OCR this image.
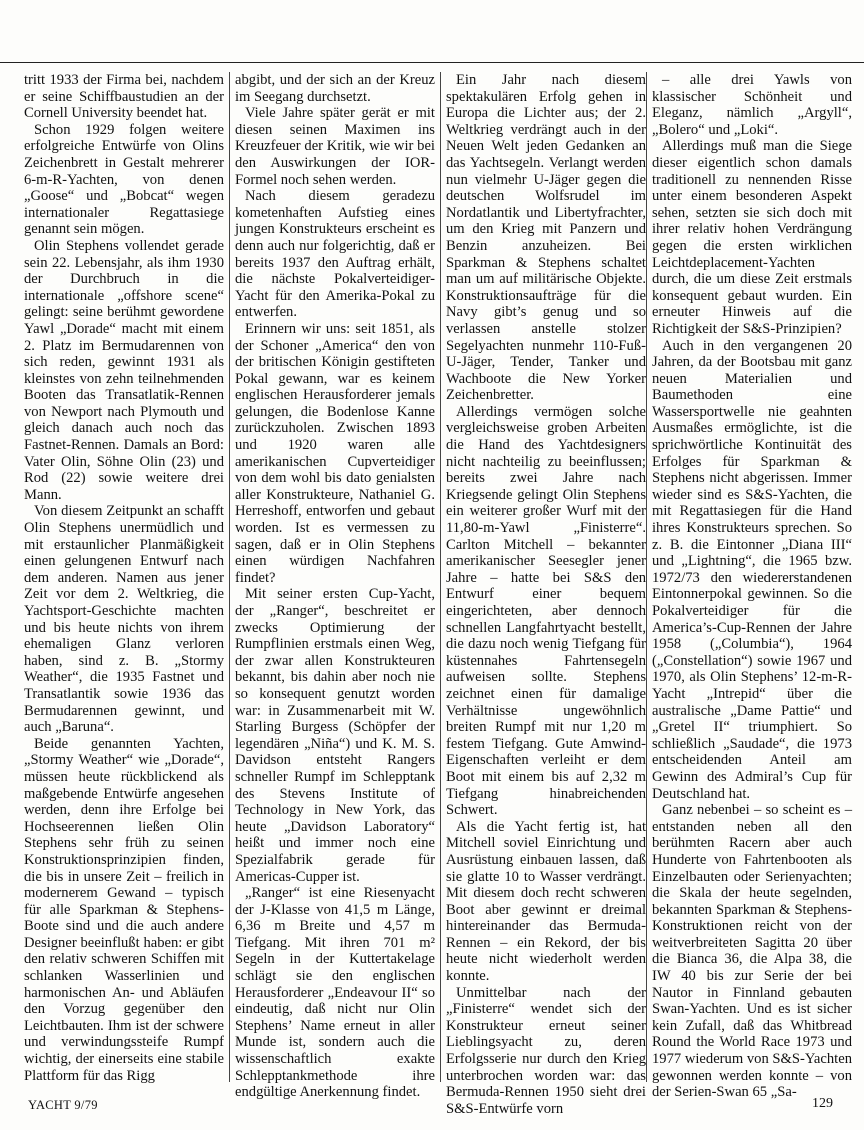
tritt 1933 der Firma bei, nachdem er seine Schiffbaustudien an der Cornell University beendet hat.

Schon 1929 folgen weitere erfolgreiche Entwürfe von Olins Zeichenbrett in Gestalt mehrerer 6-m-R-Yachten, von denen „Goose“ und „Bobcat“ wegen internationaler Regattasiege genannt sein mögen.

Olin Stephens vollendet gerade sein 22. Lebensjahr, als ihm 1930 der Durchbruch in die internationale „offshore scene“ gelingt: seine berühmt gewordene Yawl „Dorade“ macht mit einem 2. Platz im Bermudarennen von sich reden, gewinnt 1931 als kleinstes von zehn teilnehmenden Booten das Transatlatik-Rennen von Newport nach Plymouth und gleich danach auch noch das Fastnet-Rennen. Damals an Bord: Vater Olin, Söhne Olin (23) und Rod (22) sowie weitere drei Mann.

Von diesem Zeitpunkt an schafft Olin Stephens unermüdlich und mit erstaunlicher Planmäßigkeit einen gelungenen Entwurf nach dem anderen. Namen aus jener Zeit vor dem 2. Weltkrieg, die Yachtsport-Geschichte machten und bis heute nichts von ihrem ehemaligen Glanz verloren haben, sind z. B. „Stormy Weather“, die 1935 Fastnet und Transatlantik sowie 1936 das Bermudarennen gewinnt, und auch „Baruna“.

Beide genannten Yachten, „Stormy Weather“ wie „Dorade“, müssen heute rückblickend als maßgebende Entwürfe angesehen werden, denn ihre Erfolge bei Hochseerennen ließen Olin Stephens sehr früh zu seinen Konstruktionsprinzipien finden, die bis in unsere Zeit – freilich in modernerem Gewand – typisch für alle Sparkman & Stephens-Boote sind und die auch andere Designer beeinflußt haben: er gibt den relativ schweren Schiffen mit schlanken Wasserlinien und harmonischen An- und Abläufen den Vorzug gegenüber den Leichtbauten. Ihm ist der schwere und verwindungssteife Rumpf wichtig, der einerseits eine stabile Plattform für das Rigg

abgibt, und der sich an der Kreuz im Seegang durchsetzt.

Viele Jahre später gerät er mit diesen seinen Maximen ins Kreuzfeuer der Kritik, wie wir bei den Auswirkungen der IOR-Formel noch sehen werden.

Nach diesem geradezu kometenhaften Aufstieg eines jungen Konstrukteurs erscheint es denn auch nur folgerichtig, daß er bereits 1937 den Auftrag erhält, die nächste Pokalverteidiger-Yacht für den Amerika-Pokal zu entwerfen.

Erinnern wir uns: seit 1851, als der Schoner „America“ den von der britischen Königin gestifteten Pokal gewann, war es keinem englischen Herausforderer jemals gelungen, die Bodenlose Kanne zurückzuholen. Zwischen 1893 und 1920 waren alle amerikanischen Cupverteidiger von dem wohl bis dato genialsten aller Konstrukteure, Nathaniel G. Herreshoff, entworfen und gebaut worden. Ist es vermessen zu sagen, daß er in Olin Stephens einen würdigen Nachfahren findet?

Mit seiner ersten Cup-Yacht, der „Ranger“, beschreitet er zwecks Optimierung der Rumpflinien erstmals einen Weg, der zwar allen Konstrukteuren bekannt, bis dahin aber noch nie so konsequent genutzt worden war: in Zusammenarbeit mit W. Starling Burgess (Schöpfer der legendären „Niña“) und K. M. S. Davidson entsteht Rangers schneller Rumpf im Schlepptank des Stevens Institute of Technology in New York, das heute „Davidson Laboratory“ heißt und immer noch eine Spezialfabrik gerade für Americas-Cupper ist.

„Ranger“ ist eine Riesenyacht der J-Klasse von 41,5 m Länge, 6,36 m Breite und 4,57 m Tiefgang. Mit ihren 701 m² Segeln in der Kuttertakelage schlägt sie den englischen Herausforderer „Endeavour II“ so eindeutig, daß nicht nur Olin Stephens’ Name erneut in aller Munde ist, sondern auch die wissenschaftlich exakte Schlepptankmethode ihre endgültige Anerkennung findet.

Ein Jahr nach diesem spektakulären Erfolg gehen in Europa die Lichter aus; der 2. Weltkrieg verdrängt auch in der Neuen Welt jeden Gedanken an das Yachtsegeln. Verlangt werden nun vielmehr U-Jäger gegen die deutschen Wolfsrudel im Nordatlantik und Libertyfrachter, um den Krieg mit Panzern und Benzin anzuheizen. Bei Sparkman & Stephens schaltet man um auf militärische Objekte. Konstruktionsaufträge für die Navy gibt’s genug und so verlassen anstelle stolzer Segelyachten nunmehr 110-Fuß-U-Jäger, Tender, Tanker und Wachboote die New Yorker Zeichenbretter.

Allerdings vermögen solche vergleichsweise groben Arbeiten die Hand des Yachtdesigners nicht nachteilig zu beeinflussen; bereits zwei Jahre nach Kriegsende gelingt Olin Stephens ein weiterer großer Wurf mit der 11,80-m-Yawl „Finisterre“. Carlton Mitchell – bekannter amerikanischer Seesegler jener Jahre – hatte bei S&S den Entwurf einer bequem eingerichteten, aber dennoch schnellen Langfahrtyacht bestellt, die dazu noch wenig Tiefgang für küstennahes Fahrtensegeln aufweisen sollte. Stephens zeichnet einen für damalige Verhältnisse ungewöhnlich breiten Rumpf mit nur 1,20 m festem Tiefgang. Gute Amwind-Eigenschaften verleiht er dem Boot mit einem bis auf 2,32 m Tiefgang hinabreichenden Schwert.

Als die Yacht fertig ist, hat Mitchell soviel Einrichtung und Ausrüstung einbauen lassen, daß sie glatte 10 to Wasser verdrängt. Mit diesem doch recht schweren Boot aber gewinnt er dreimal hintereinander das Bermuda-Rennen – ein Rekord, der bis heute nicht wiederholt werden konnte.

Unmittelbar nach der „Finisterre“ wendet sich der Konstrukteur erneut seiner Lieblingsyacht zu, deren Erfolgsserie nur durch den Krieg unterbrochen worden war: das Bermuda-Rennen 1950 sieht drei S&S-Entwürfe vorn

– alle drei Yawls von klassischer Schönheit und Eleganz, nämlich „Argyll“, „Bolero“ und „Loki“.

Allerdings muß man die Siege dieser eigentlich schon damals traditionell zu nennenden Risse unter einem besonderen Aspekt sehen, setzten sie sich doch mit ihrer relativ hohen Verdrängung gegen die ersten wirklichen Leichtdeplacement-Yachten durch, die um diese Zeit erstmals konsequent gebaut wurden. Ein erneuter Hinweis auf die Richtigkeit der S&S-Prinzipien?

Auch in den vergangenen 20 Jahren, da der Bootsbau mit ganz neuen Materialien und Baumethoden eine Wassersportwelle nie geahnten Ausmaßes ermöglichte, ist die sprichwörtliche Kontinuität des Erfolges für Sparkman & Stephens nicht abgerissen. Immer wieder sind es S&S-Yachten, die mit Regattasiegen für die Hand ihres Konstrukteurs sprechen. So z. B. die Eintonner „Diana III“ und „Lightning“, die 1965 bzw. 1972/73 den wiedererstandenen Eintonnerpokal gewinnen. So die Pokalverteidiger für die America’s-Cup-Rennen der Jahre 1958 („Columbia“), 1964 („Constellation“) sowie 1967 und 1970, als Olin Stephens’ 12-m-R-Yacht „Intrepid“ über die australische „Dame Pattie“ und „Gretel II“ triumphiert. So schließlich „Saudade“, die 1973 entscheidenden Anteil am Gewinn des Admiral’s Cup für Deutschland hat.

Ganz nebenbei – so scheint es – entstanden neben all den berühmten Racern aber auch Hunderte von Fahrtenbooten als Einzelbauten oder Serienyachten; die Skala der heute segelnden, bekannten Sparkman & Stephens-Konstruktionen reicht von der weitverbreiteten Sagitta 20 über die Bianca 36, die Alpa 38, die IW 40 bis zur Serie der bei Nautor in Finnland gebauten Swan-Yachten. Und es ist sicher kein Zufall, daß das Whitbread Round the World Race 1973 und 1977 wiederum von S&S-Yachten gewonnen werden konnte – von der Serien-Swan 65 „Sa-

YACHT 9/79	129
